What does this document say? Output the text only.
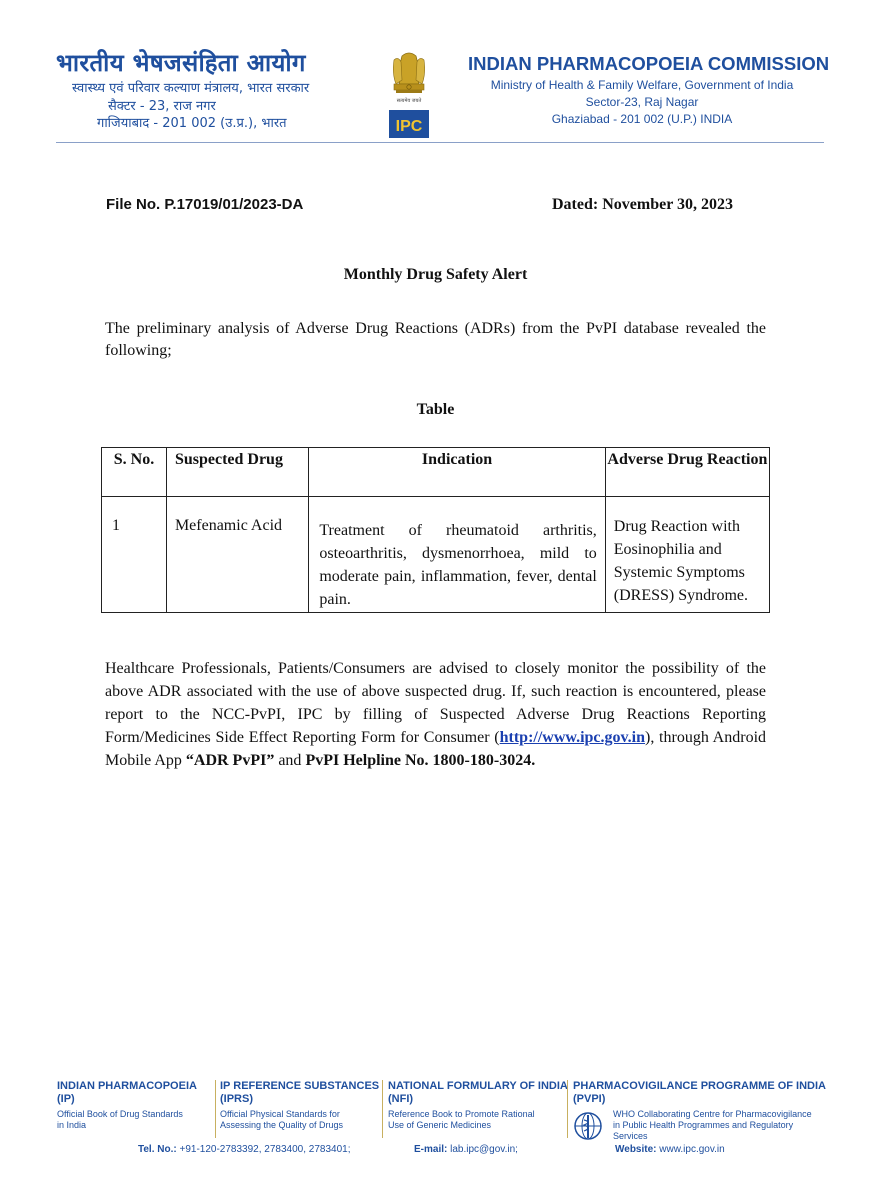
भारतीय भेषजसंहिता आयोग
स्वास्थ्य एवं परिवार कल्याण मंत्रालय, भारत सरकार
सैक्टर - 23, राज नगर
गाजियाबाद - 201 002 (उ.प्र.), भारत
सत्यमेव जयते
IPC
INDIAN PHARMACOPOEIA COMMISSION
Ministry of Health & Family Welfare, Government of India
Sector-23, Raj Nagar
Ghaziabad - 201 002 (U.P.) INDIA
File No. P.17019/01/2023-DA	Dated: November 30, 2023
Monthly Drug Safety Alert
The preliminary analysis of Adverse Drug Reactions (ADRs) from the PvPI database revealed the following;
Table
S. No.	Suspected Drug	Indication	Adverse Drug Reaction
1	Mefenamic Acid	Treatment of rheumatoid arthritis, osteoarthritis, dysmenorrhoea, mild to moderate pain, inflammation, fever, dental pain.	Drug Reaction with Eosinophilia and Systemic Symptoms (DRESS) Syndrome.
Healthcare Professionals, Patients/Consumers are advised to closely monitor the possibility of the above ADR associated with the use of above suspected drug. If, such reaction is encountered, please report to the NCC-PvPI, IPC by filling of Suspected Adverse Drug Reactions Reporting Form/Medicines Side Effect Reporting Form for Consumer (http://www.ipc.gov.in), through Android Mobile App “ADR PvPI” and PvPI Helpline No. 1800-180-3024.
INDIAN PHARMACOPOEIA
(IP)
Official Book of Drug Standards
in India
IP REFERENCE SUBSTANCES
(IPRS)
Official Physical Standards for
Assessing the Quality of Drugs
NATIONAL FORMULARY OF INDIA
(NFI)
Reference Book to Promote Rational
Use of Generic Medicines
PHARMACOVIGILANCE PROGRAMME OF INDIA
(PVPI)
WHO Collaborating Centre for Pharmacovigilance
in Public Health Programmes and Regulatory
Services
Tel. No.: +91-120-2783392, 2783400, 2783401;	E-mail: lab.ipc@gov.in;	Website: www.ipc.gov.in
